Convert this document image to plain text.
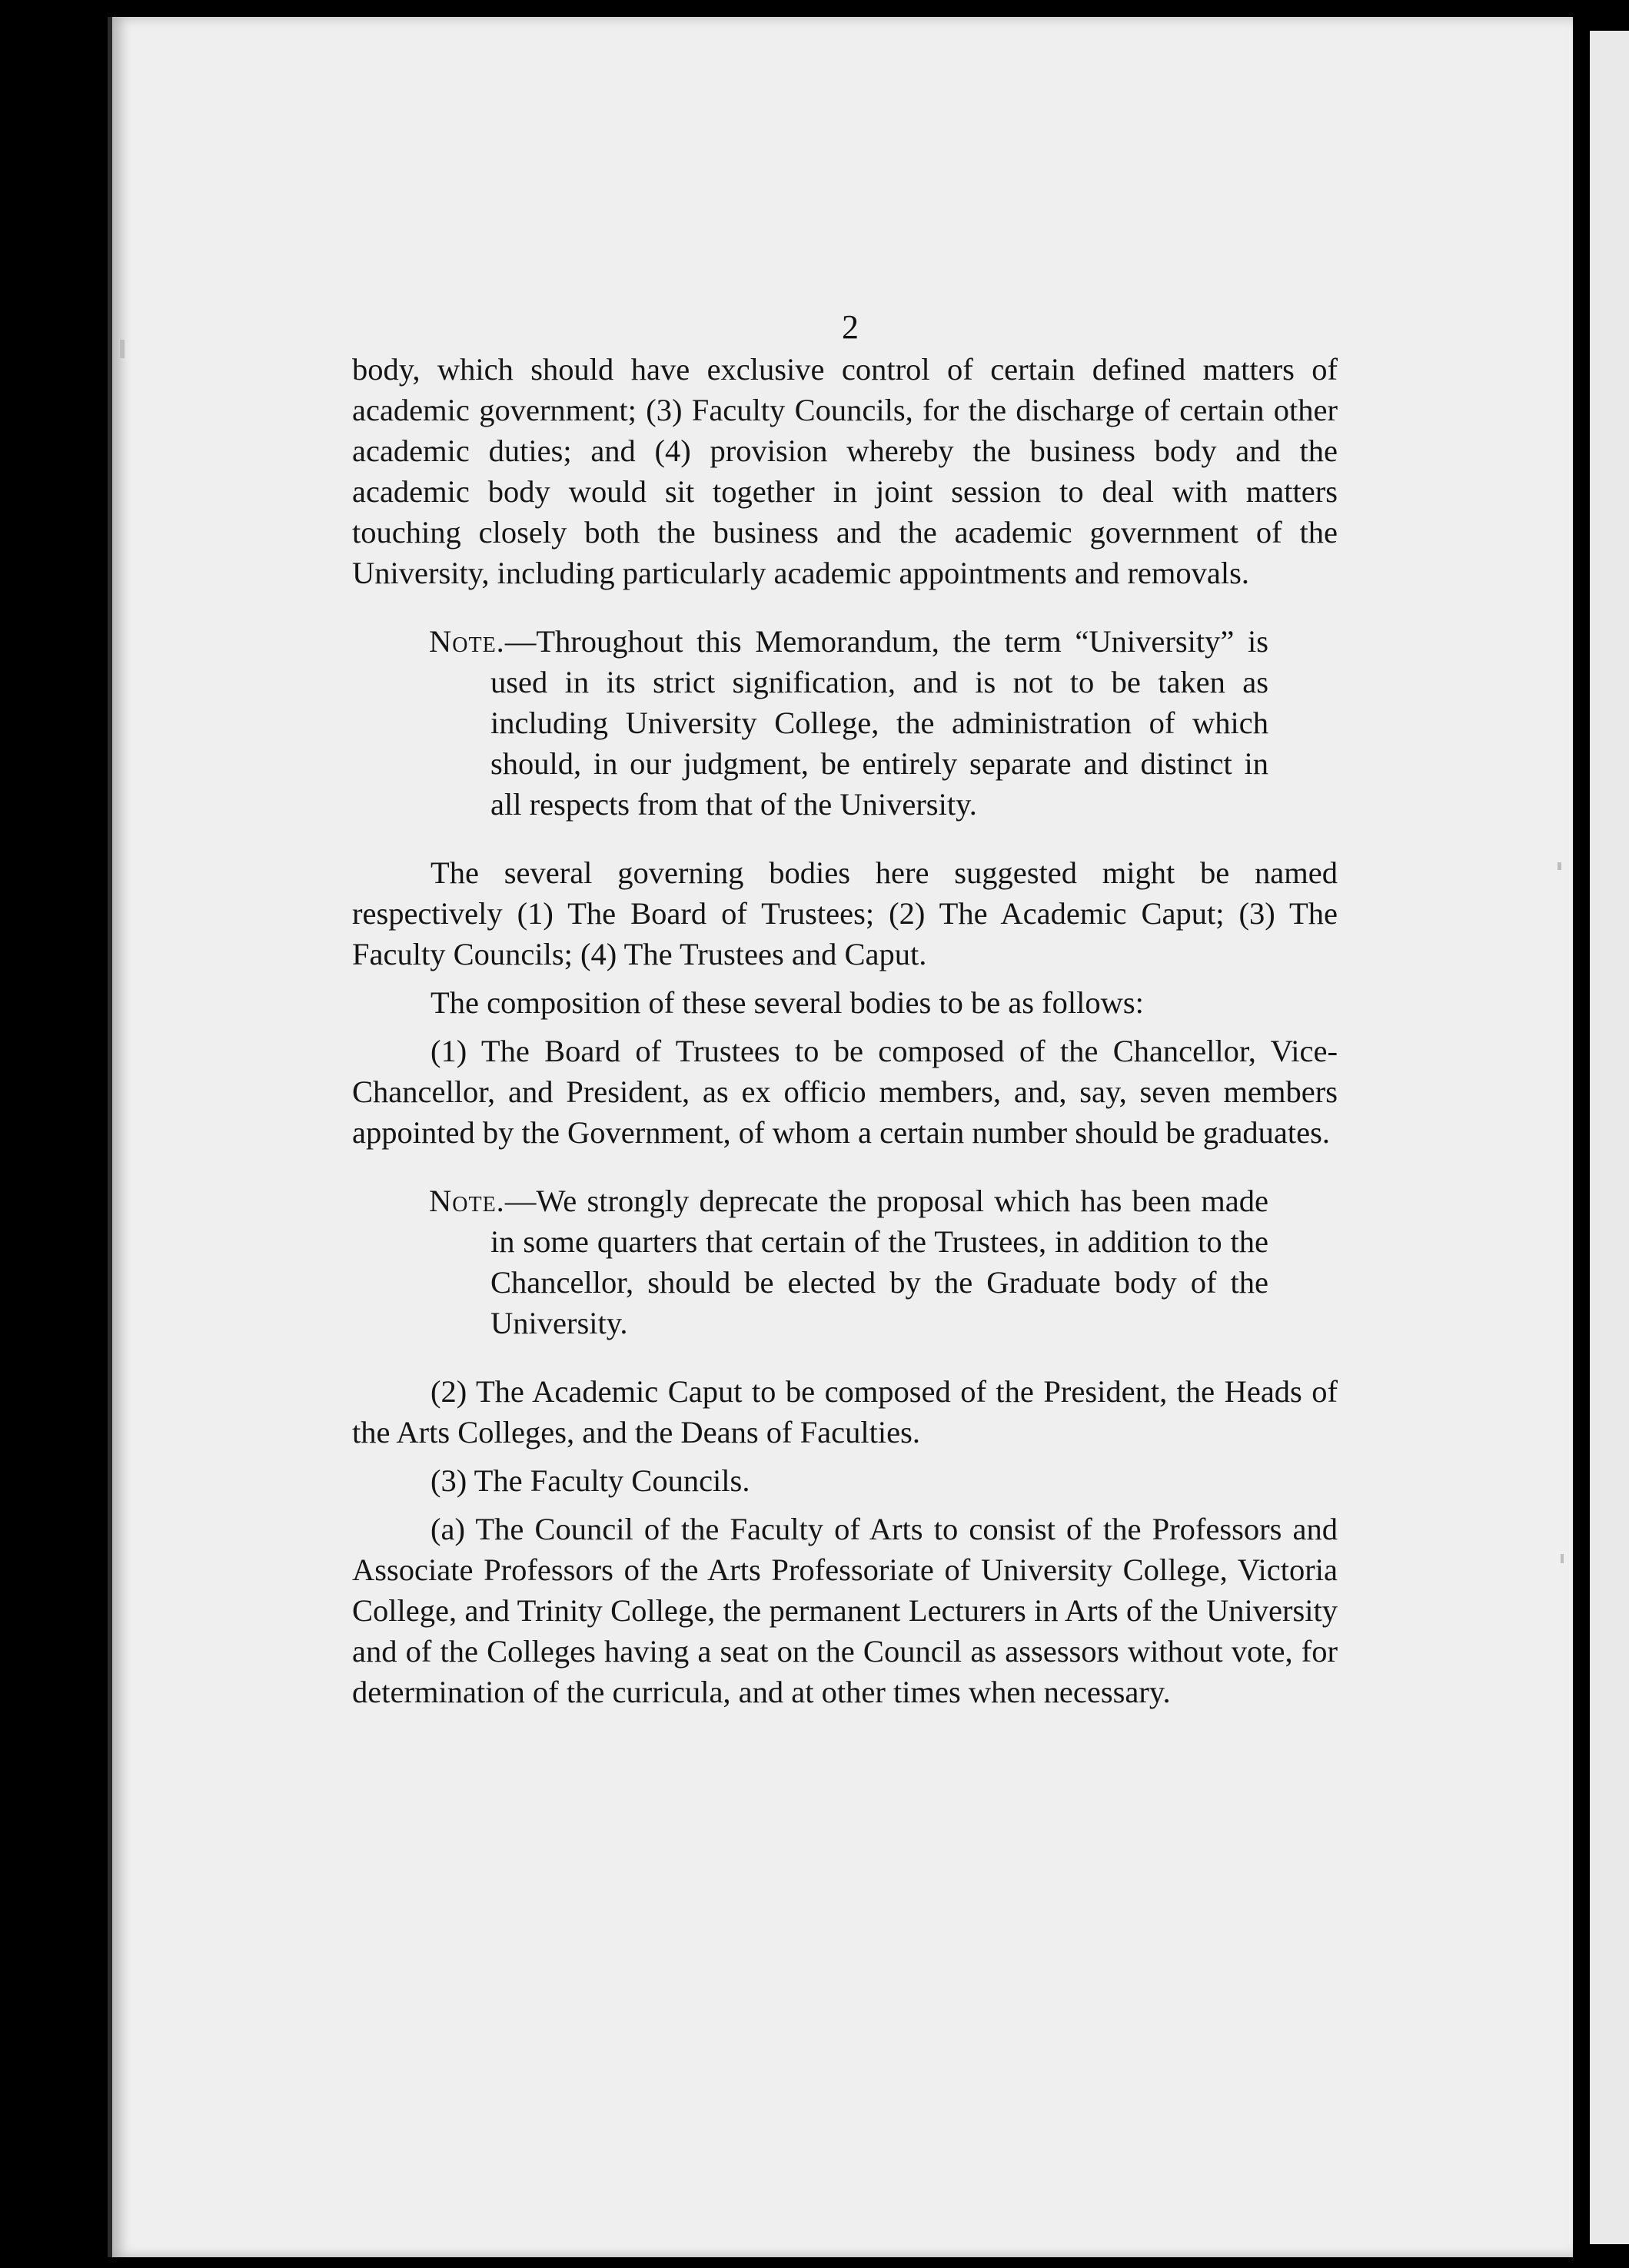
2

body, which should have exclusive control of certain defined matters of academic government; (3) Faculty Councils, for the discharge of certain other academic duties; and (4) provision whereby the business body and the academic body would sit together in joint session to deal with matters touching closely both the business and the academic government of the University, including particularly academic appointments and removals.

Note.—Throughout this Memorandum, the term “University” is used in its strict signification, and is not to be taken as including University College, the administration of which should, in our judgment, be entirely separate and distinct in all respects from that of the University.

The several governing bodies here suggested might be named respectively (1) The Board of Trustees; (2) The Academic Caput; (3) The Faculty Councils; (4) The Trustees and Caput.

The composition of these several bodies to be as follows:

(1) The Board of Trustees to be composed of the Chancellor, Vice-Chancellor, and President, as ex officio members, and, say, seven members appointed by the Government, of whom a certain number should be graduates.

Note.—We strongly deprecate the proposal which has been made in some quarters that certain of the Trustees, in addition to the Chancellor, should be elected by the Graduate body of the University.

(2) The Academic Caput to be composed of the President, the Heads of the Arts Colleges, and the Deans of Faculties.

(3) The Faculty Councils.

(a) The Council of the Faculty of Arts to consist of the Professors and Associate Professors of the Arts Professoriate of University College, Victoria College, and Trinity College, the permanent Lecturers in Arts of the University and of the Colleges having a seat on the Council as assessors without vote, for determination of the curricula, and at other times when necessary.
